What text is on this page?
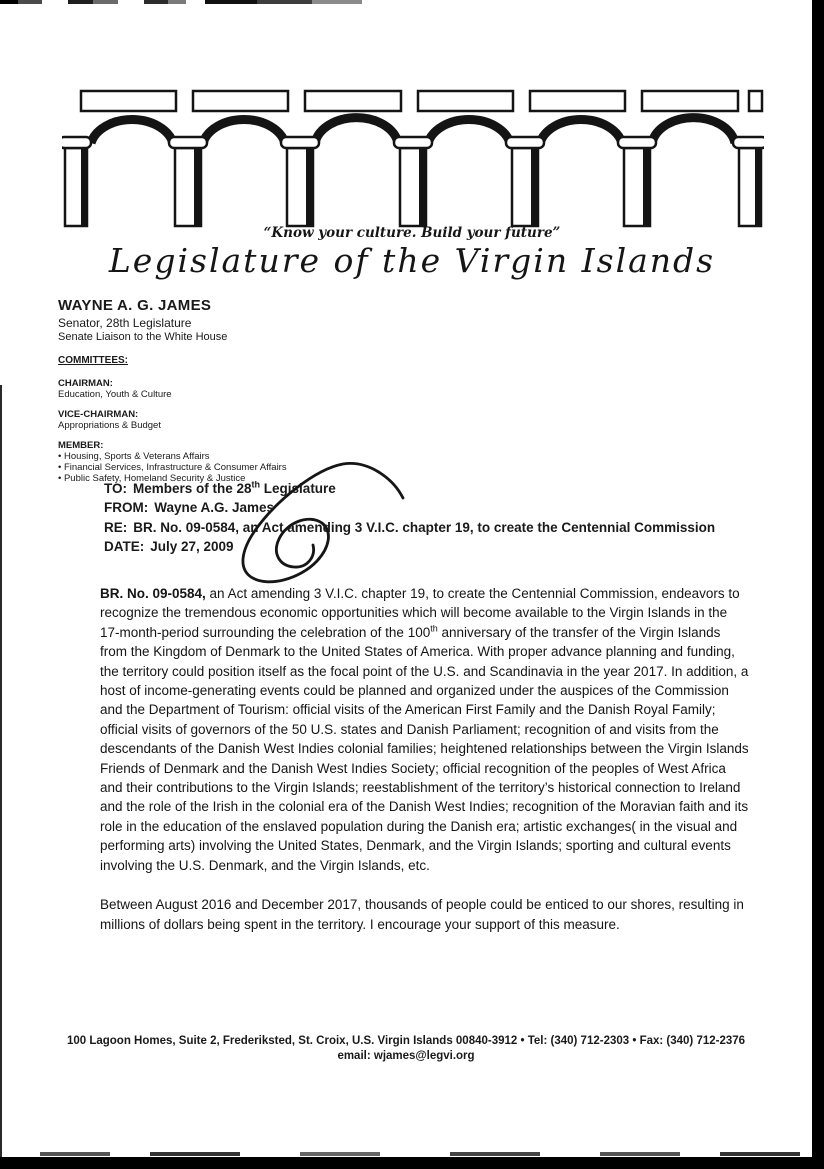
“Know your culture. Build your future”
Legislature of the Virgin Islands
WAYNE A. G. JAMES
Senator, 28th Legislature
Senate Liaison to the White House
COMMITTEES:
CHAIRMAN:
Education, Youth & Culture
VICE-CHAIRMAN:
Appropriations & Budget
MEMBER:
• Housing, Sports & Veterans Affairs
• Financial Services, Infrastructure & Consumer Affairs
• Public Safety, Homeland Security & Justice
TO: Members of the 28th Legislature
FROM: Wayne A.G. James
RE: BR. No. 09-0584, an Act amending 3 V.I.C. chapter 19, to create the Centennial Commission
DATE: July 27, 2009

BR. No. 09-0584, an Act amending 3 V.I.C. chapter 19, to create the Centennial Commission, endeavors to recognize the tremendous economic opportunities which will become available to the Virgin Islands in the 17-month-period surrounding the celebration of the 100th anniversary of the transfer of the Virgin Islands from the Kingdom of Denmark to the United States of America. With proper advance planning and funding, the territory could position itself as the focal point of the U.S. and Scandinavia in the year 2017. In addition, a host of income-generating events could be planned and organized under the auspices of the Commission and the Department of Tourism: official visits of the American First Family and the Danish Royal Family; official visits of governors of the 50 U.S. states and Danish Parliament; recognition of and visits from the descendants of the Danish West Indies colonial families; heightened relationships between the Virgin Islands Friends of Denmark and the Danish West Indies Society; official recognition of the peoples of West Africa and their contributions to the Virgin Islands; reestablishment of the territory’s historical connection to Ireland and the role of the Irish in the colonial era of the Danish West Indies; recognition of the Moravian faith and its role in the education of the enslaved population during the Danish era; artistic exchanges( in the visual and performing arts) involving the United States, Denmark, and the Virgin Islands; sporting and cultural events involving the U.S. Denmark, and the Virgin Islands, etc.

Between August 2016 and December 2017, thousands of people could be enticed to our shores, resulting in millions of dollars being spent in the territory. I encourage your support of this measure.

100 Lagoon Homes, Suite 2, Frederiksted, St. Croix, U.S. Virgin Islands 00840-3912 • Tel: (340) 712-2303 • Fax: (340) 712-2376
email: wjames@legvi.org
